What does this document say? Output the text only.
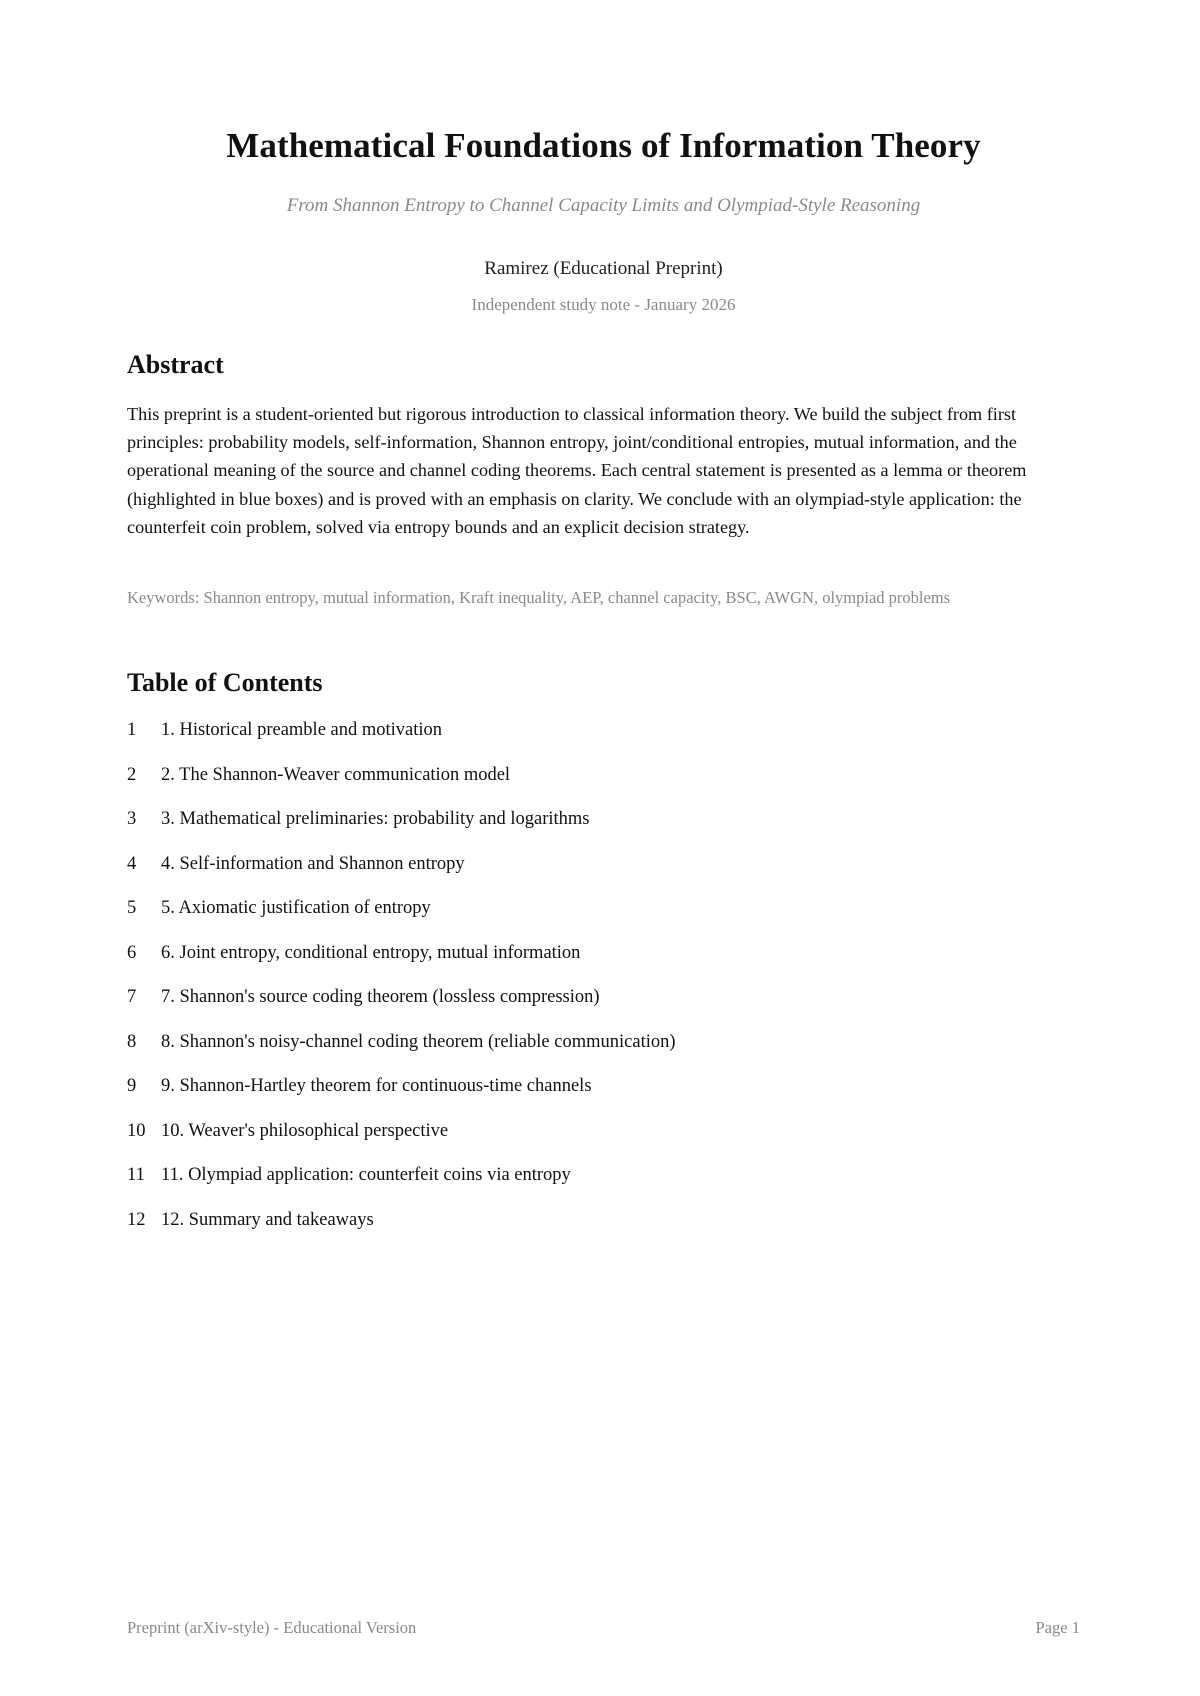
Mathematical Foundations of Information Theory
From Shannon Entropy to Channel Capacity Limits and Olympiad-Style Reasoning
Ramirez (Educational Preprint)
Independent study note - January 2026
Abstract
This preprint is a student-oriented but rigorous introduction to classical information theory. We build the subject from first principles: probability models, self-information, Shannon entropy, joint/conditional entropies, mutual information, and the operational meaning of the source and channel coding theorems. Each central statement is presented as a lemma or theorem (highlighted in blue boxes) and is proved with an emphasis on clarity. We conclude with an olympiad-style application: the counterfeit coin problem, solved via entropy bounds and an explicit decision strategy.
Keywords: Shannon entropy, mutual information, Kraft inequality, AEP, channel capacity, BSC, AWGN, olympiad problems
Table of Contents
1	1. Historical preamble and motivation
2	2. The Shannon-Weaver communication model
3	3. Mathematical preliminaries: probability and logarithms
4	4. Self-information and Shannon entropy
5	5. Axiomatic justification of entropy
6	6. Joint entropy, conditional entropy, mutual information
7	7. Shannon's source coding theorem (lossless compression)
8	8. Shannon's noisy-channel coding theorem (reliable communication)
9	9. Shannon-Hartley theorem for continuous-time channels
10 10. Weaver's philosophical perspective
11 11. Olympiad application: counterfeit coins via entropy
12 12. Summary and takeaways
Preprint (arXiv-style) - Educational Version	Page 1
